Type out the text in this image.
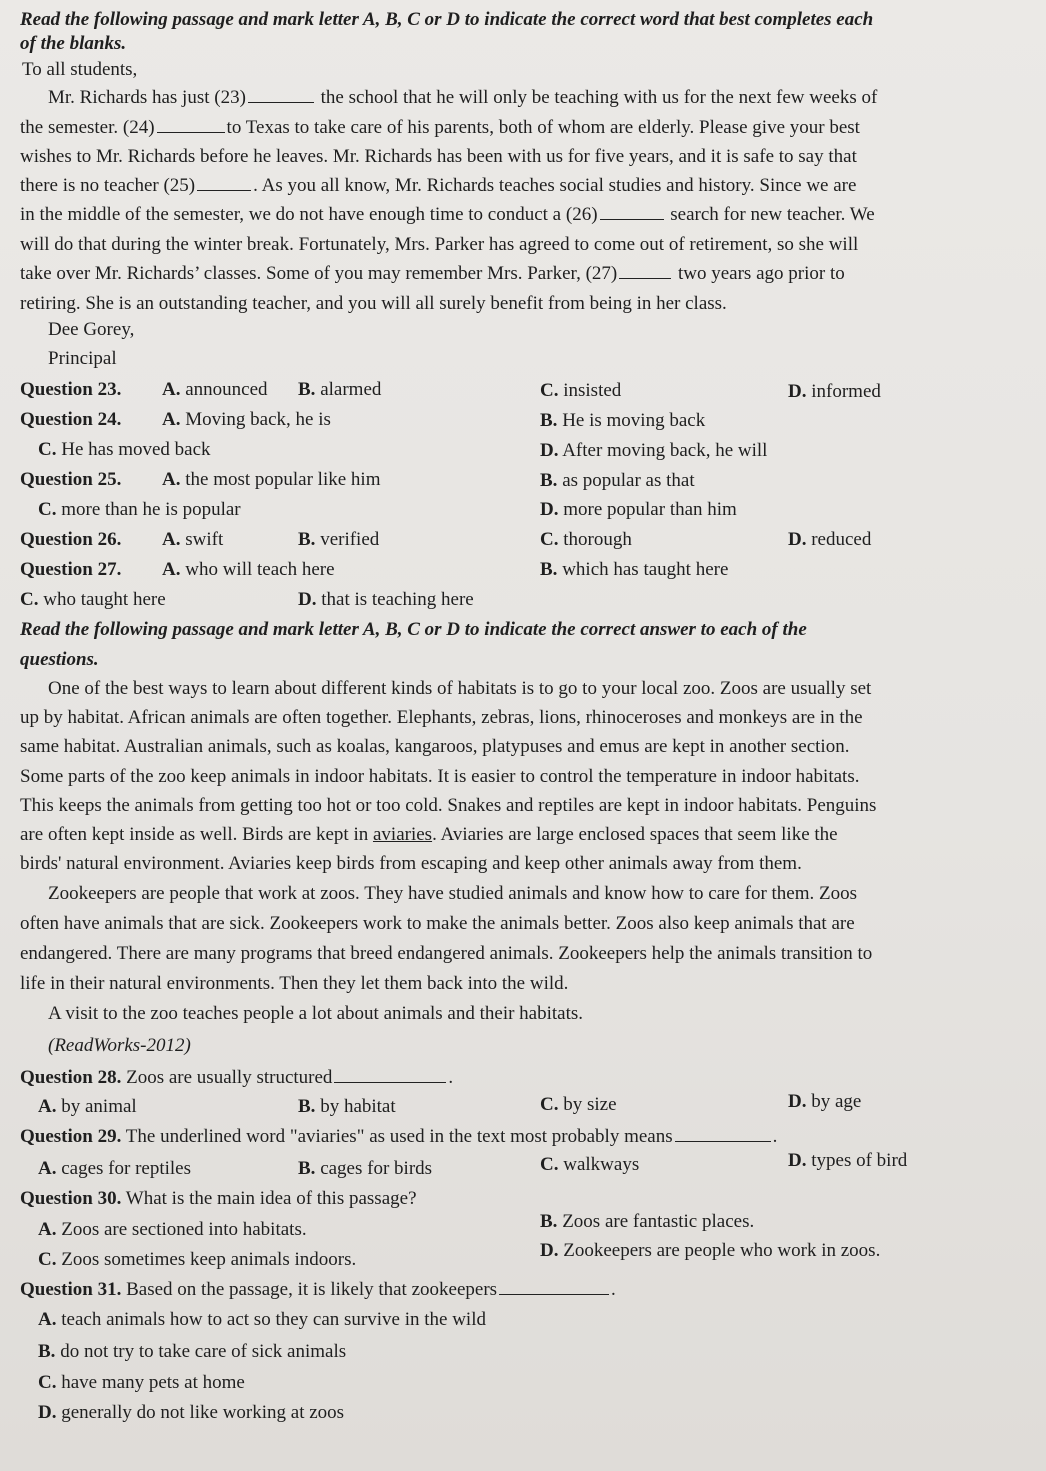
Read the following passage and mark letter A, B, C or D to indicate the correct word that best completes each
of the blanks.
To all students,
Mr. Richards has just (23)	the school that he will only be teaching with us for the next few weeks of
the semester. (24)	to Texas to take care of his parents, both of whom are elderly. Please give your best
wishes to Mr. Richards before he leaves. Mr. Richards has been with us for five years, and it is safe to say that
there is no teacher (25)	. As you all know, Mr. Richards teaches social studies and history. Since we are
in the middle of the semester, we do not have enough time to conduct a (26)	search for new teacher. We
will do that during the winter break. Fortunately, Mrs. Parker has agreed to come out of retirement, so she will
take over Mr. Richards’ classes. Some of you may remember Mrs. Parker, (27)	two years ago prior to
retiring. She is an outstanding teacher, and you will all surely benefit from being in her class.
Dee Gorey,
Principal
Question 23. A. announced B. alarmed	C. insisted	D. informed
Question 24. A. Moving back, he is	B. He is moving back
C. He has moved back	D. After moving back, he will
Question 25. A. the most popular like him	B. as popular as that
C. more than he is popular	D. more popular than him
Question 26. A. swift	B. verified	C. thorough	D. reduced
Question 27. A. who will teach here	B. which has taught here
C. who taught here	D. that is teaching here
Read the following passage and mark letter A, B, C or D to indicate the correct answer to each of the
questions.
One of the best ways to learn about different kinds of habitats is to go to your local zoo. Zoos are usually set
up by habitat. African animals are often together. Elephants, zebras, lions, rhinoceroses and monkeys are in the
same habitat. Australian animals, such as koalas, kangaroos, platypuses and emus are kept in another section.
Some parts of the zoo keep animals in indoor habitats. It is easier to control the temperature in indoor habitats.
This keeps the animals from getting too hot or too cold. Snakes and reptiles are kept in indoor habitats. Penguins
are often kept inside as well. Birds are kept in aviaries. Aviaries are large enclosed spaces that seem like the
birds' natural environment. Aviaries keep birds from escaping and keep other animals away from them.
Zookeepers are people that work at zoos. They have studied animals and know how to care for them. Zoos
often have animals that are sick. Zookeepers work to make the animals better. Zoos also keep animals that are
endangered. There are many programs that breed endangered animals. Zookeepers help the animals transition to
life in their natural environments. Then they let them back into the wild.
A visit to the zoo teaches people a lot about animals and their habitats.
(ReadWorks-2012)
Question 28. Zoos are usually structured	.
A. by animal	B. by habitat	C. by size	D. by age
Question 29. The underlined word "aviaries" as used in the text most probably means	.
A. cages for reptiles	B. cages for birds	C. walkways	D. types of bird
Question 30. What is the main idea of this passage?
A. Zoos are sectioned into habitats.	B. Zoos are fantastic places.
C. Zoos sometimes keep animals indoors.	D. Zookeepers are people who work in zoos.
Question 31. Based on the passage, it is likely that zookeepers	.
A. teach animals how to act so they can survive in the wild
B. do not try to take care of sick animals
C. have many pets at home
D. generally do not like working at zoos
